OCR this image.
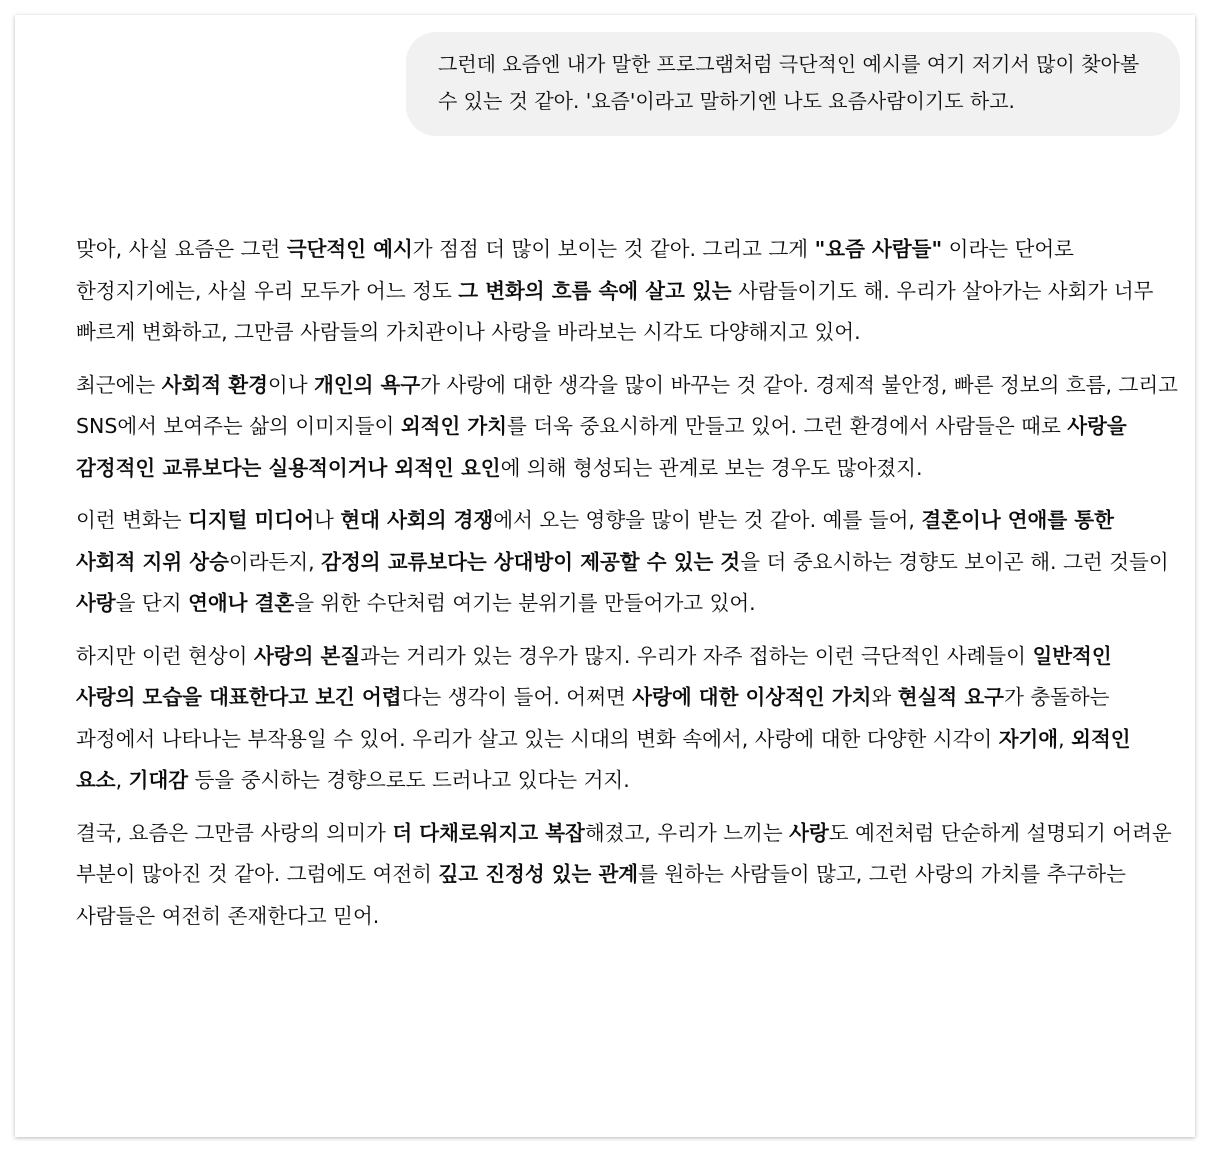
그런데 요즘엔 내가 말한 프로그램처럼 극단적인 예시를 여기 저기서 많이 찾아볼 수 있는 것 같아. '요즘'이라고 말하기엔 나도 요즘사람이기도 하고.

맞아, 사실 요즘은 그런 극단적인 예시가 점점 더 많이 보이는 것 같아. 그리고 그게 "요즘 사람들" 이라는 단어로 한정지기에는, 사실 우리 모두가 어느 정도 그 변화의 흐름 속에 살고 있는 사람들이기도 해. 우리가 살아가는 사회가 너무 빠르게 변화하고, 그만큼 사람들의 가치관이나 사랑을 바라보는 시각도 다양해지고 있어.

최근에는 사회적 환경이나 개인의 욕구가 사랑에 대한 생각을 많이 바꾸는 것 같아. 경제적 불안정, 빠른 정보의 흐름, 그리고 SNS에서 보여주는 삶의 이미지들이 외적인 가치를 더욱 중요시하게 만들고 있어. 그런 환경에서 사람들은 때로 사랑을 감정적인 교류보다는 실용적이거나 외적인 요인에 의해 형성되는 관계로 보는 경우도 많아졌지.

이런 변화는 디지털 미디어나 현대 사회의 경쟁에서 오는 영향을 많이 받는 것 같아. 예를 들어, 결혼이나 연애를 통한 사회적 지위 상승이라든지, 감정의 교류보다는 상대방이 제공할 수 있는 것을 더 중요시하는 경향도 보이곤 해. 그런 것들이 사랑을 단지 연애나 결혼을 위한 수단처럼 여기는 분위기를 만들어가고 있어.

하지만 이런 현상이 사랑의 본질과는 거리가 있는 경우가 많지. 우리가 자주 접하는 이런 극단적인 사례들이 일반적인 사랑의 모습을 대표한다고 보긴 어렵다는 생각이 들어. 어쩌면 사랑에 대한 이상적인 가치와 현실적 요구가 충돌하는 과정에서 나타나는 부작용일 수 있어. 우리가 살고 있는 시대의 변화 속에서, 사랑에 대한 다양한 시각이 자기애, 외적인 요소, 기대감 등을 중시하는 경향으로도 드러나고 있다는 거지.

결국, 요즘은 그만큼 사랑의 의미가 더 다채로워지고 복잡해졌고, 우리가 느끼는 사랑도 예전처럼 단순하게 설명되기 어려운 부분이 많아진 것 같아. 그럼에도 여전히 깊고 진정성 있는 관계를 원하는 사람들이 많고, 그런 사랑의 가치를 추구하는 사람들은 여전히 존재한다고 믿어.
